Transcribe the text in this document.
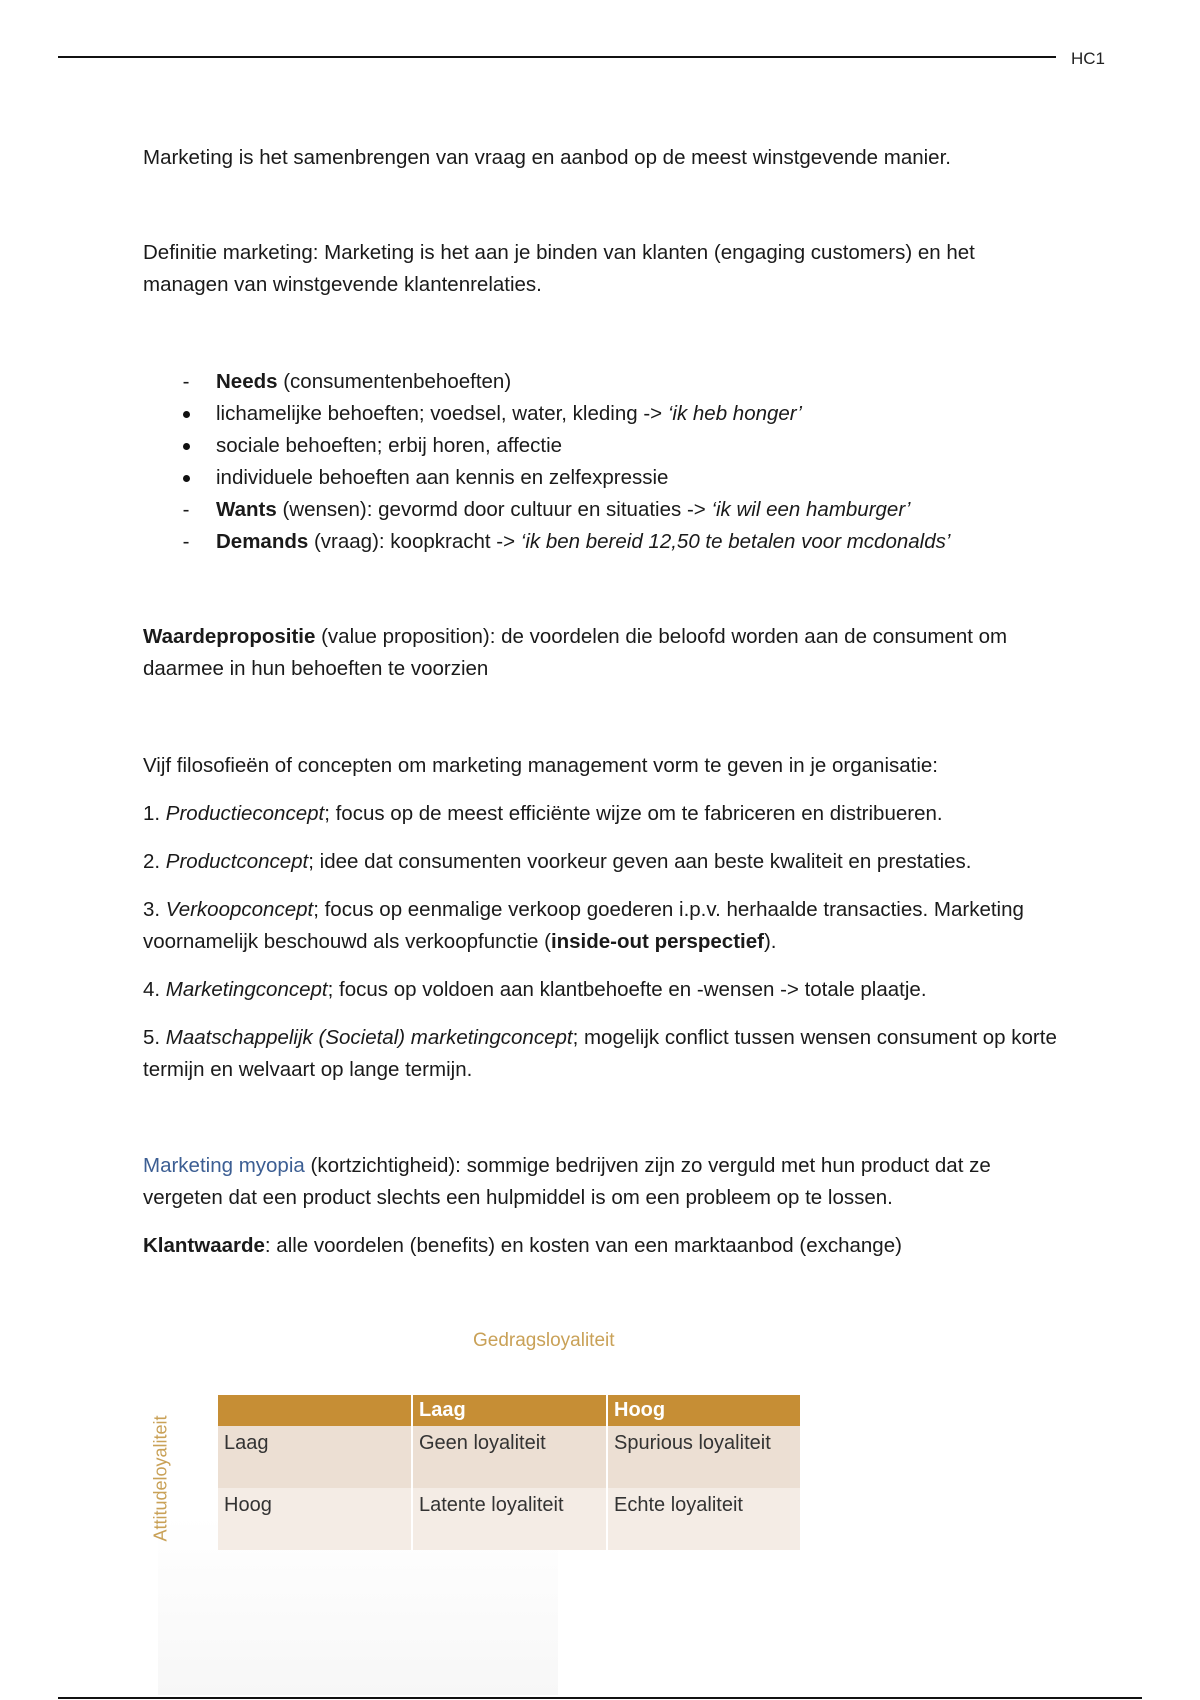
HC1

Marketing is het samenbrengen van vraag en aanbod op de meest winstgevende manier.

Definitie marketing: Marketing is het aan je binden van klanten (engaging customers) en het managen van winstgevende klantenrelaties.

- Needs (consumentenbehoeften)
lichamelijke behoeften; voedsel, water, kleding -> ‘ik heb honger’
sociale behoeften; erbij horen, affectie
individuele behoeften aan kennis en zelfexpressie
- Wants (wensen): gevormd door cultuur en situaties -> ‘ik wil een hamburger’
- Demands (vraag): koopkracht -> ‘ik ben bereid 12,50 te betalen voor mcdonalds’

Waardepropositie (value proposition): de voordelen die beloofd worden aan de consument om daarmee in hun behoeften te voorzien

Vijf filosofieën of concepten om marketing management vorm te geven in je organisatie:

1. Productieconcept; focus op de meest efficiënte wijze om te fabriceren en distribueren.

2. Productconcept; idee dat consumenten voorkeur geven aan beste kwaliteit en prestaties.

3. Verkoopconcept; focus op eenmalige verkoop goederen i.p.v. herhaalde transacties. Marketing voornamelijk beschouwd als verkoopfunctie (inside-out perspectief).

4. Marketingconcept; focus op voldoen aan klantbehoefte en -wensen -> totale plaatje.

5. Maatschappelijk (Societal) marketingconcept; mogelijk conflict tussen wensen consument op korte termijn en welvaart op lange termijn.

Marketing myopia (kortzichtigheid): sommige bedrijven zijn zo verguld met hun product dat ze vergeten dat een product slechts een hulpmiddel is om een probleem op te lossen.

Klantwaarde: alle voordelen (benefits) en kosten van een marktaanbod (exchange)

Gedragsloyaliteit
Attitudeloyaliteit
	Laag	Hoog
Laag	Geen loyaliteit	Spurious loyaliteit
Hoog	Latente loyaliteit	Echte loyaliteit
